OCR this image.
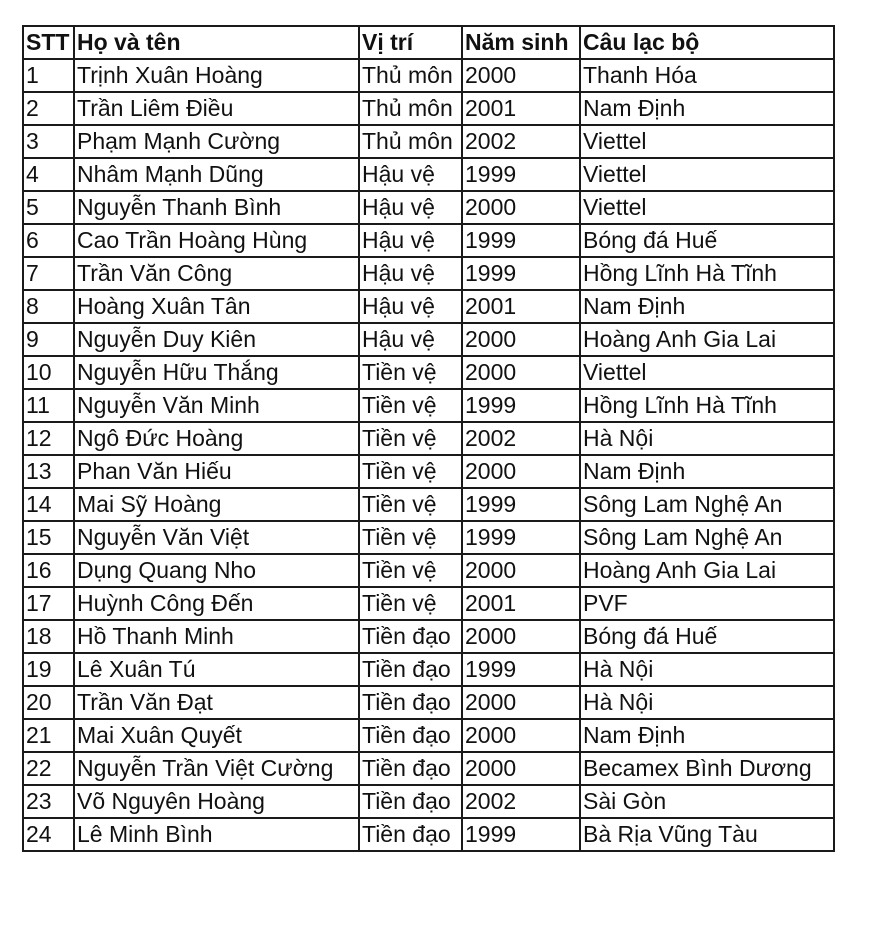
STT	Họ và tên	Vị trí	Năm sinh	Câu lạc bộ
1	Trịnh Xuân Hoàng	Thủ môn	2000	Thanh Hóa
2	Trần Liêm Điều	Thủ môn	2001	Nam Định
3	Phạm Mạnh Cường	Thủ môn	2002	Viettel
4	Nhâm Mạnh Dũng	Hậu vệ	1999	Viettel
5	Nguyễn Thanh Bình	Hậu vệ	2000	Viettel
6	Cao Trần Hoàng Hùng	Hậu vệ	1999	Bóng đá Huế
7	Trần Văn Công	Hậu vệ	1999	Hồng Lĩnh Hà Tĩnh
8	Hoàng Xuân Tân	Hậu vệ	2001	Nam Định
9	Nguyễn Duy Kiên	Hậu vệ	2000	Hoàng Anh Gia Lai
10	Nguyễn Hữu Thắng	Tiền vệ	2000	Viettel
11	Nguyễn Văn Minh	Tiền vệ	1999	Hồng Lĩnh Hà Tĩnh
12	Ngô Đức Hoàng	Tiền vệ	2002	Hà Nội
13	Phan Văn Hiếu	Tiền vệ	2000	Nam Định
14	Mai Sỹ Hoàng	Tiền vệ	1999	Sông Lam Nghệ An
15	Nguyễn Văn Việt	Tiền vệ	1999	Sông Lam Nghệ An
16	Dụng Quang Nho	Tiền vệ	2000	Hoàng Anh Gia Lai
17	Huỳnh Công Đến	Tiền vệ	2001	PVF
18	Hồ Thanh Minh	Tiền đạo	2000	Bóng đá Huế
19	Lê Xuân Tú	Tiền đạo	1999	Hà Nội
20	Trần Văn Đạt	Tiền đạo	2000	Hà Nội
21	Mai Xuân Quyết	Tiền đạo	2000	Nam Định
22	Nguyễn Trần Việt Cường	Tiền đạo	2000	Becamex Bình Dương
23	Võ Nguyên Hoàng	Tiền đạo	2002	Sài Gòn
24	Lê Minh Bình	Tiền đạo	1999	Bà Rịa Vũng Tàu
